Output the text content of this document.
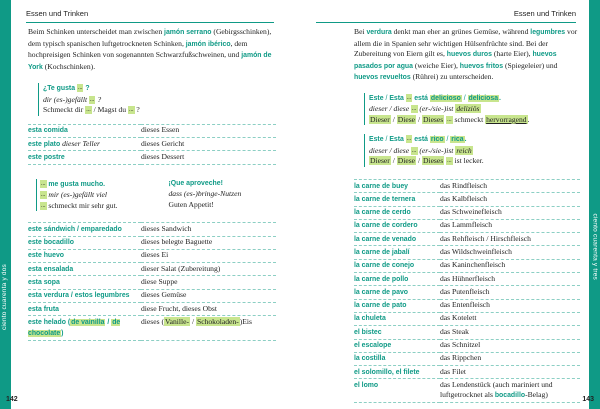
ciento cuarenta y dos
Essen und Trinken

Beim Schinken unterscheidet man zwischen jamón serrano (Gebirgsschinken), dem typisch spanischen luftgetrockneten Schinken, jamón ibérico, dem hochpreisigen Schinken von sogenannten Schwarzfußschweinen, und jamón de York (Kochschinken).

¿Te gusta ... ?
dir (es-)gefällt ... ?
Schmeckt dir ... / Magst du ... ?
esta comida	dieses Essen
este plato dieser Teller	dieses Gericht
este postre	dieses Dessert
... me gusta mucho.
... mir (es-)gefällt viel
... schmeckt mir sehr gut.
¡Que aproveche!
dass (es-)bringe-Nutzen
Guten Appetit!
este sándwich / emparedado	dieses Sandwich
este bocadillo	dieses belegte Baguette
este huevo	dieses Ei
esta ensalada	dieser Salat (Zubereitung)
esta sopa	diese Suppe
esta verdura / estos legumbres	dieses Gemüse
esta fruta	diese Frucht, dieses Obst
este helado (de vainilla / de chocolate)	dieses (Vanille- / Schokoladen-)Eis
142
ciento cuarenta y tres
Essen und Trinken

Bei verdura denkt man eher an grünes Gemüse, während legumbres vor allem die in Spanien sehr wichtigen Hülsenfrüchte sind. Bei der Zubereitung von Eiern gilt es, huevos duros (harte Eier), huevos pasados por agua (weiche Eier), huevos fritos (Spiegeleier) und huevos revueltos (Rührei) zu unterscheiden.

Este / Esta ... está delicioso / deliciosa.
dieser / diese ... (er-/sie-)ist deliziös
Dieser / Diese / Dieses ... schmeckt hervorragend.
Este / Esta ... está rico / rica.
dieser / diese ... (er-/sie-)ist reich
Dieser / Diese / Dieses ... ist lecker.
la carne de buey	das Rindfleisch
la carne de ternera	das Kalbfleisch
la carne de cerdo	das Schweinefleisch
la carne de cordero	das Lammfleisch
la carne de venado	das Rehfleisch / Hirschfleisch
la carne de jabalí	das Wildschweinfleisch
la carne de conejo	das Kaninchenfleisch
la carne de pollo	das Hühnerfleisch
la carne de pavo	das Putenfleisch
la carne de pato	das Entenfleisch
la chuleta	das Kotelett
el bistec	das Steak
el escalope	das Schnitzel
la costilla	das Rippchen
el solomillo, el filete	das Filet
el lomo	das Lendenstück (auch mariniert und luftgetrocknet als bocadillo-Belag)
143
